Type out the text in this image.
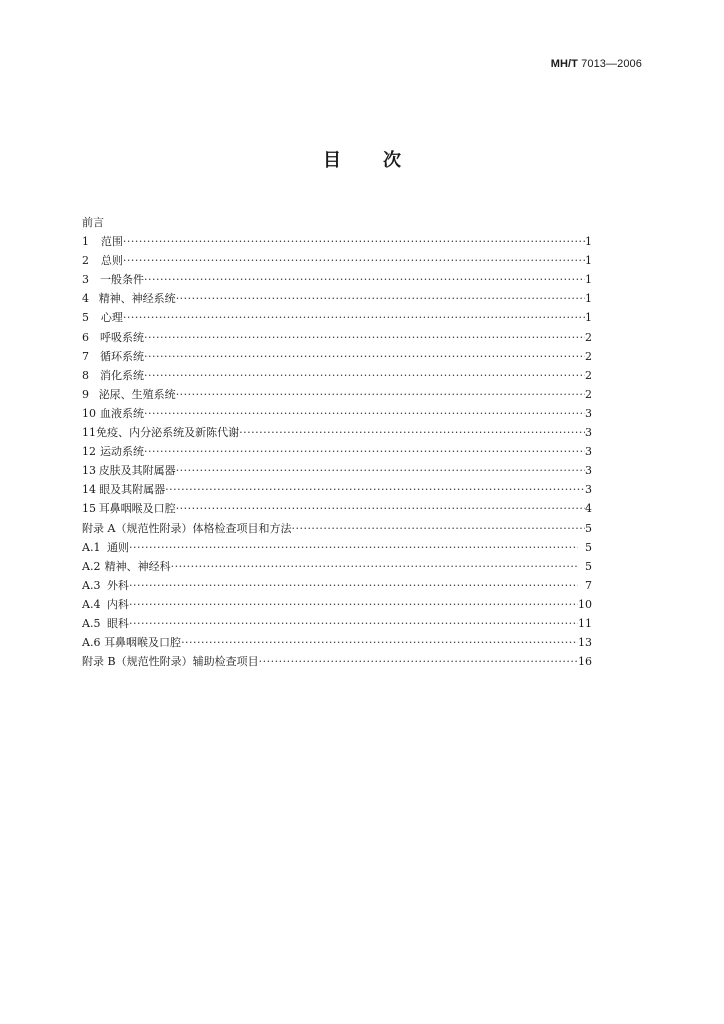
MH/T 7013—2006
目 次
前言
1	范围 ·····	1
2	总则 ·····	1
3 一般条件 ·····	1
4 精神、神经系统 ·····	1
5	心理 ·····	1
6 呼吸系统 ·····	2
7 循环系统 ·····	2
8 消化系统 ·····	2
9 泌尿、生殖系统 ·····	2
10 血液系统 ·····	3
11 免疫、内分泌系统及新陈代谢 ·····	3
12 运动系统 ·····	3
13 皮肤及其附属器 ·····	3
14 眼及其附属器 ·····	3
15 耳鼻咽喉及口腔 ·····	4
附录 A（规范性附录）体格检查项目和方法 ·····	5
A.1 通则 ·····	5
A.2 精神、神经科 ·····	5
A.3 外科 ·····	7
A.4 内科 ·····	10
A.5 眼科 ·····	11
A.6 耳鼻咽喉及口腔 ·····	13
附录 B（规范性附录）辅助检查项目 ·····	16
